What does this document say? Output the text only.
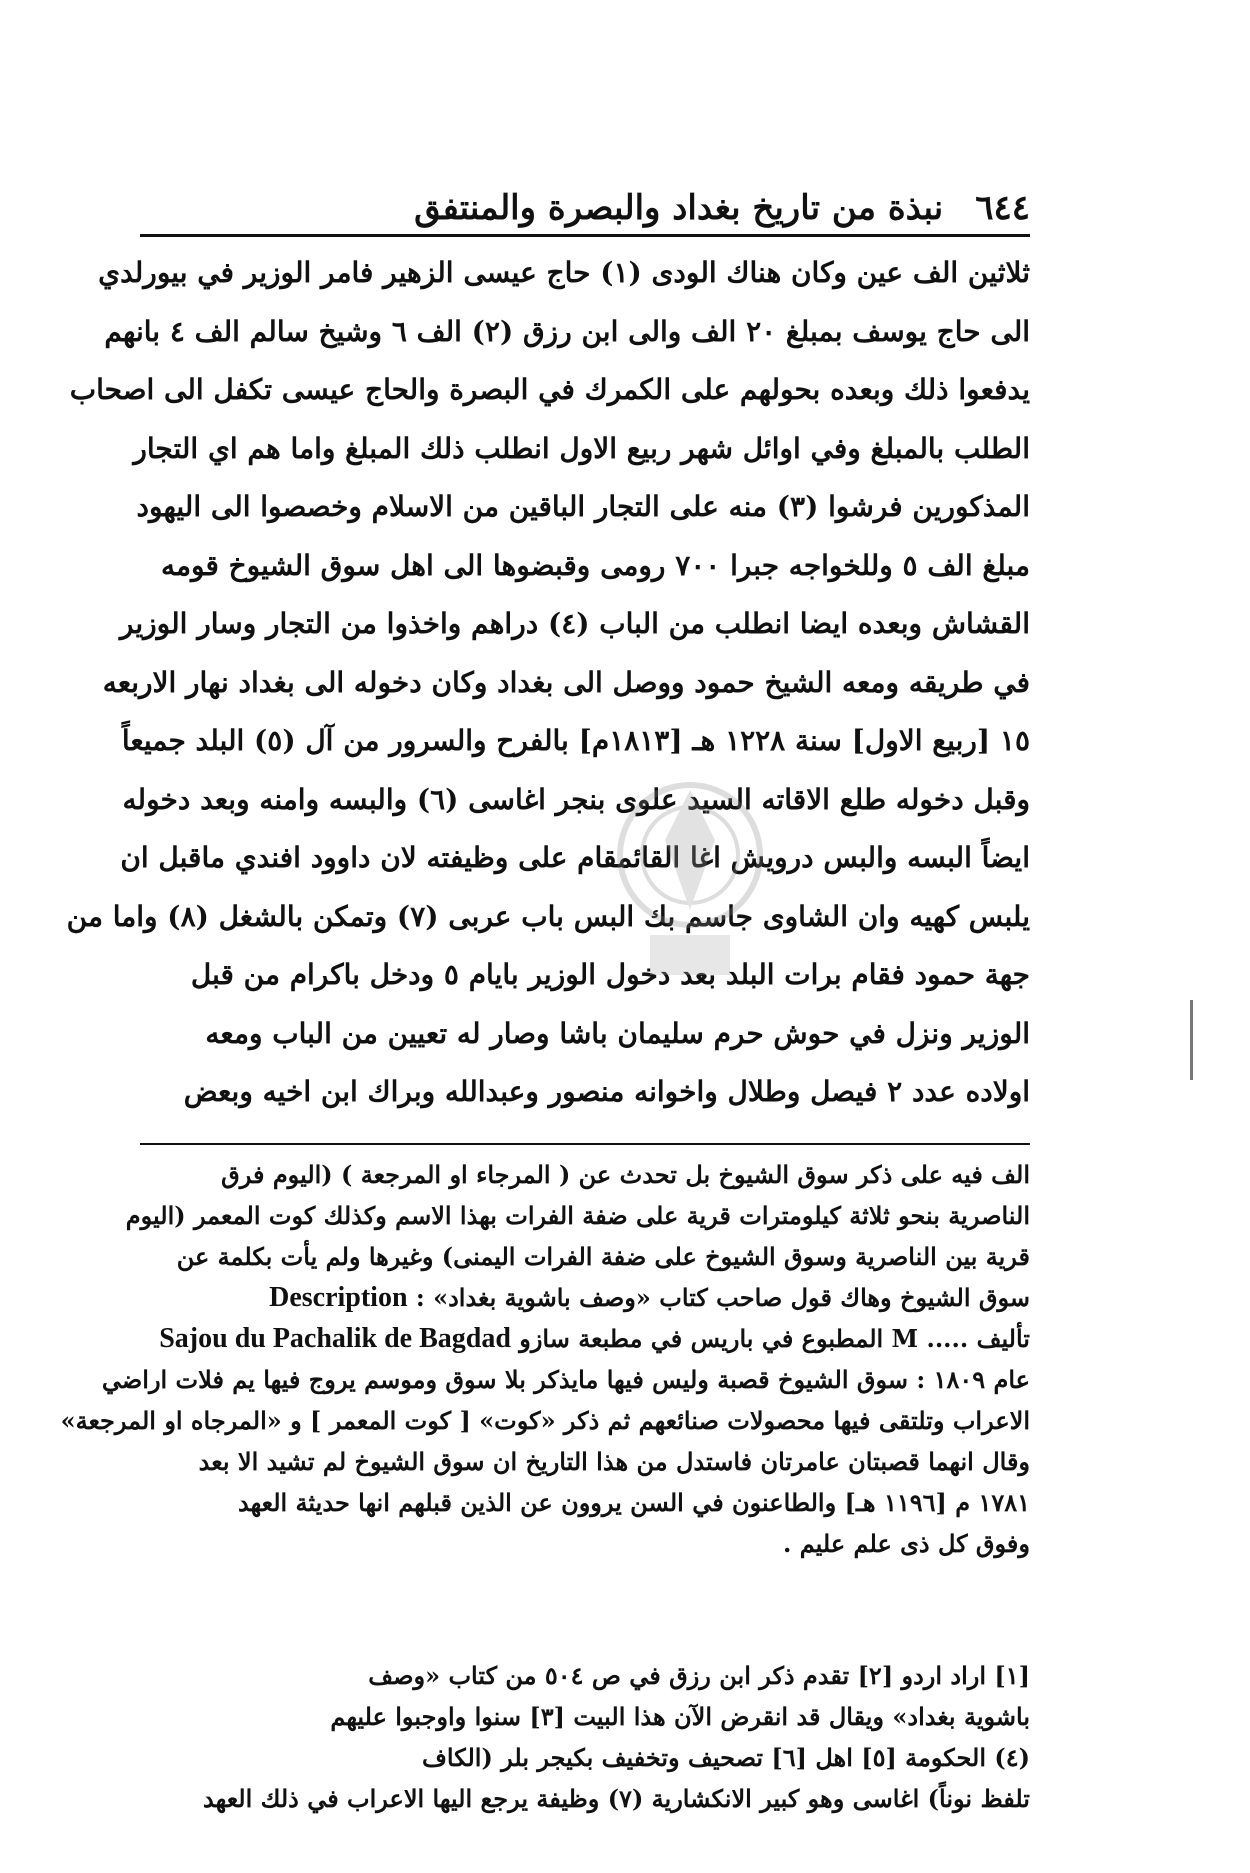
٦٤٤
نبذة من تاريخ بغداد والبصرة والمنتفق
ثلاثين الف عين وكان هناك الودى (١) حاج عيسى الزهير فامر الوزير في بيورلدي
الى حاج يوسف بمبلغ ٢٠ الف والى ابن رزق (٢) الف ٦ وشيخ سالم الف ٤ بانهم
يدفعوا ذلك وبعده بحولهم على الكمرك في البصرة والحاج عيسى تكفل الى اصحاب
الطلب بالمبلغ وفي اوائل شهر ربيع الاول انطلب ذلك المبلغ واما هم اي التجار
المذكورين فرشوا (٣) منه على التجار الباقين من الاسلام وخصصوا الى اليهود
مبلغ الف ٥ وللخواجه جبرا ٧٠٠ رومى وقبضوها الى اهل سوق الشيوخ قومه
القشاش وبعده ايضا انطلب من الباب (٤) دراهم واخذوا من التجار وسار الوزير
في طريقه ومعه الشيخ حمود ووصل الى بغداد وكان دخوله الى بغداد نهار الاربعه
١٥ [ربيع الاول] سنة ١٢٢٨ هـ [١٨١٣م] بالفرح والسرور من آل (٥) البلد جميعاً
وقبل دخوله طلع الاقاته السيد علوى بنجر اغاسى (٦) والبسه وامنه وبعد دخوله
ايضاً البسه والبس درويش اغا القائمقام على وظيفته لان داوود افندي ماقبل ان
يلبس كهيه وان الشاوى جاسم بك البس باب عربى (٧) وتمكن بالشغل (٨) واما من
جهة حمود فقام برات البلد بعد دخول الوزير بايام ٥ ودخل باكرام من قبل
الوزير ونزل في حوش حرم سليمان باشا وصار له تعيين من الباب ومعه
اولاده عدد ٢ فيصل وطلال واخوانه منصور وعبدالله وبراك ابن اخيه وبعض
الف فيه على ذكر سوق الشيوخ بل تحدث عن ( المرجاء او المرجعة ) (اليوم فرق
الناصرية بنحو ثلاثة كيلومترات قرية على ضفة الفرات بهذا الاسم وكذلك كوت المعمر (اليوم
قرية بين الناصرية وسوق الشيوخ على ضفة الفرات اليمنى) وغيرها ولم يأت بكلمة عن
سوق الشيوخ وهاك قول صاحب كتاب «وصف باشوية بغداد» : Description
تأليف ..... M المطبوع في باريس في مطبعة سازو Sajou du Pachalik de Bagdad
عام ١٨٠٩ : سوق الشيوخ قصبة وليس فيها مايذكر بلا سوق وموسم يروج فيها يم فلات اراضي
الاعراب وتلتقى فيها محصولات صنائعهم ثم ذكر «كوت» [ كوت المعمر ] و «المرجاه او المرجعة»
وقال انهما قصبتان عامرتان فاستدل من هذا التاريخ ان سوق الشيوخ لم تشيد الا بعد
١٧٨١ م [١١٩٦ هـ] والطاعنون في السن يروون عن الذين قبلهم انها حديثة العهد
وفوق كل ذى علم عليم .
[١] اراد اردو [٢] تقدم ذكر ابن رزق في ص ٥٠٤ من كتاب «وصف
باشوية بغداد» ويقال قد انقرض الآن هذا البيت [٣] سنوا واوجبوا عليهم
(٤) الحكومة [٥] اهل [٦] تصحيف وتخفيف بكيجر بلر (الكاف
تلفظ نوناً) اغاسى وهو كبير الانكشارية (٧) وظيفة يرجع اليها الاعراب في ذلك العهد
